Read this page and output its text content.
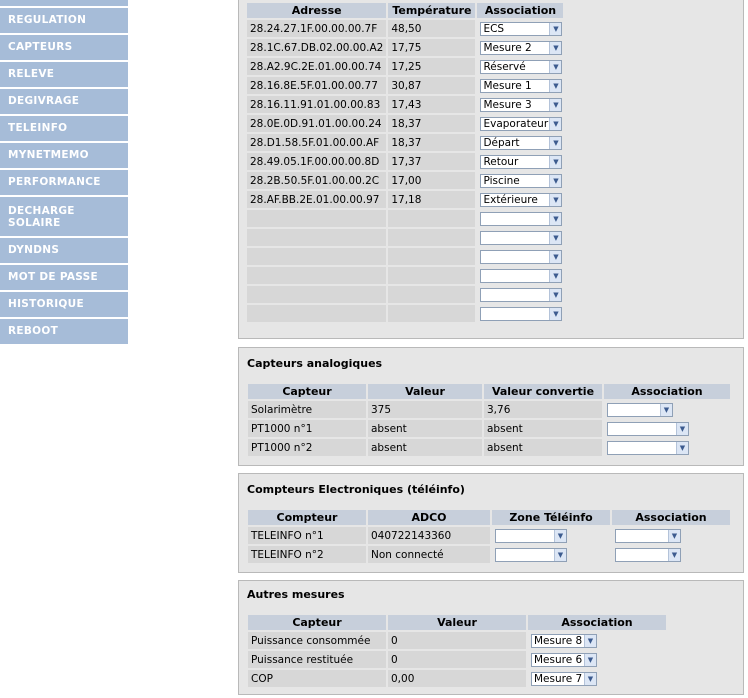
REGULATION
CAPTEURS
RELEVE
DEGIVRAGE
TELEINFO
MYNETMEMO
PERFORMANCE
DECHARGE SOLAIRE
DYNDNS
MOT DE PASSE
HISTORIQUE
REBOOT
Adresse	Température	Association
28.24.27.1F.00.00.00.7F	48,50	ECS ▼

28.1C.67.DB.02.00.00.A2	17,75	Mesure 2 ▼

28.A2.9C.2E.01.00.00.74	17,25	Réservé ▼

28.16.8E.5F.01.00.00.77	30,87	Mesure 1 ▼

28.16.11.91.01.00.00.83	17,43	Mesure 3 ▼

28.0E.0D.91.01.00.00.24	18,37	Evaporateur ▼

28.D1.58.5F.01.00.00.AF	18,37	Départ ▼

28.49.05.1F.00.00.00.8D	17,37	Retour ▼

28.2B.50.5F.01.00.00.2C	17,00	Piscine ▼

28.AF.BB.2E.01.00.00.97	17,18	Extérieure ▼

		▼

		▼

		▼

		▼

		▼

		▼
Capteurs analogiques
Capteur	Valeur	Valeur convertie	Association
Solarimètre	375	3,76	▼

PT1000 n°1	absent	absent	▼

PT1000 n°2	absent	absent	▼
Compteurs Electroniques (téléinfo)
Compteur	ADCO	Zone Téléinfo	Association
TELEINFO n°1	040722143360	▼	▼

TELEINFO n°2	Non connecté	▼	▼
Autres mesures
Capteur	Valeur	Association
Puissance consommée	0	Mesure 8 ▼

Puissance restituée	0	Mesure 6 ▼

COP	0,00	Mesure 7 ▼
